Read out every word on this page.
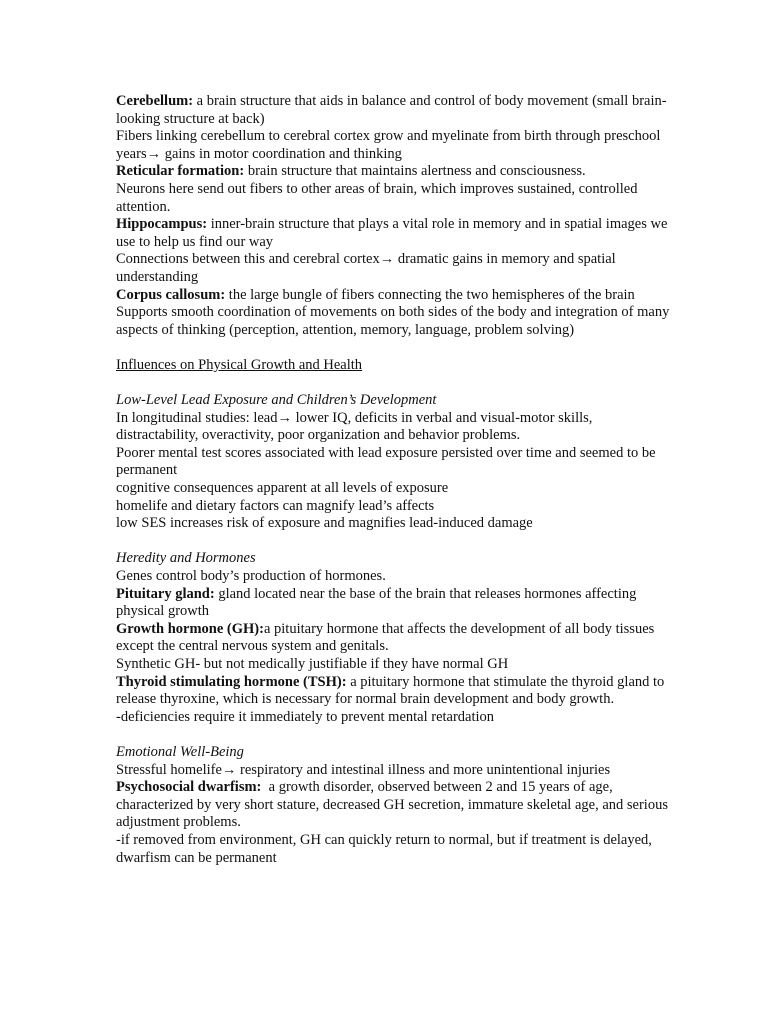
Cerebellum: a brain structure that aids in balance and control of body movement (small brain-looking structure at back)

Fibers linking cerebellum to cerebral cortex grow and myelinate from birth through preschool years→ gains in motor coordination and thinking

Reticular formation: brain structure that maintains alertness and consciousness.

Neurons here send out fibers to other areas of brain, which improves sustained, controlled attention.

Hippocampus: inner-brain structure that plays a vital role in memory and in spatial images we use to help us find our way

Connections between this and cerebral cortex→ dramatic gains in memory and spatial understanding

Corpus callosum: the large bungle of fibers connecting the two hemispheres of the brain

Supports smooth coordination of movements on both sides of the body and integration of many aspects of thinking (perception, attention, memory, language, problem solving)

Influences on Physical Growth and Health

Low-Level Lead Exposure and Children’s Development

In longitudinal studies: lead→ lower IQ, deficits in verbal and visual-motor skills, distractability, overactivity, poor organization and behavior problems.

Poorer mental test scores associated with lead exposure persisted over time and seemed to be permanent

cognitive consequences apparent at all levels of exposure

homelife and dietary factors can magnify lead’s affects

low SES increases risk of exposure and magnifies lead-induced damage

Heredity and Hormones

Genes control body’s production of hormones.

Pituitary gland: gland located near the base of the brain that releases hormones affecting physical growth

Growth hormone (GH):a pituitary hormone that affects the development of all body tissues except the central nervous system and genitals.

Synthetic GH- but not medically justifiable if they have normal GH

Thyroid stimulating hormone (TSH): a pituitary hormone that stimulate the thyroid gland to release thyroxine, which is necessary for normal brain development and body growth.

-deficiencies require it immediately to prevent mental retardation

Emotional Well-Being

Stressful homelife→ respiratory and intestinal illness and more unintentional injuries

Psychosocial dwarfism:  a growth disorder, observed between 2 and 15 years of age, characterized by very short stature, decreased GH secretion, immature skeletal age, and serious adjustment problems.

-if removed from environment, GH can quickly return to normal, but if treatment is delayed, dwarfism can be permanent
